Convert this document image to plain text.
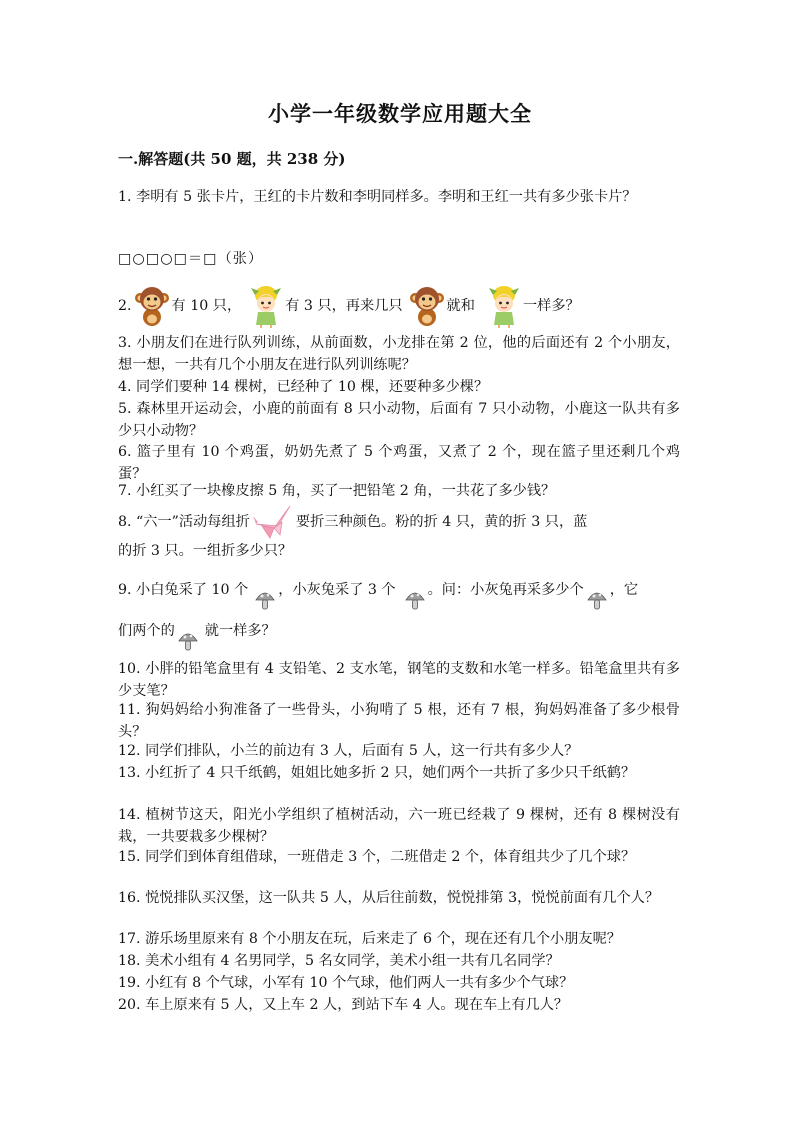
小学一年级数学应用题大全
一.解答题(共 50 题，共 238 分)
1. 李明有 5 张卡片，王红的卡片数和李明同样多。李明和王红一共有多少张卡片？
□○□○□＝□（张）
2.	有 10 只，	有 3 只，再来几只	就和	一样多？
3. 小朋友们在进行队列训练，从前面数，小龙排在第 2 位，他的后面还有 2 个小朋友，想一想，一共有几个小朋友在进行队列训练呢？
4. 同学们要种 14 棵树，已经种了 10 棵，还要种多少棵？
5. 森林里开运动会，小鹿的前面有 8 只小动物，后面有 7 只小动物，小鹿这一队共有多少只小动物？
6. 篮子里有 10 个鸡蛋，奶奶先煮了 5 个鸡蛋，又煮了 2 个，现在篮子里还剩几个鸡蛋？
7. 小红买了一块橡皮擦 5 角，买了一把铅笔 2 角，一共花了多少钱？
8. “六一”活动每组折	要折三种颜色。粉的折 4 只，黄的折 3 只，蓝
的折 3 只。一组折多少只？
9. 小白兔采了 10 个 ，小灰兔采了 3 个 。问：小灰兔再采多少个 ，它
们两个的 就一样多？
10. 小胖的铅笔盒里有 4 支铅笔、2 支水笔，钢笔的支数和水笔一样多。铅笔盒里共有多少支笔？
11. 狗妈妈给小狗准备了一些骨头，小狗啃了 5 根，还有 7 根，狗妈妈准备了多少根骨头？
12. 同学们排队，小兰的前边有 3 人，后面有 5 人，这一行共有多少人？
13. 小红折了 4 只千纸鹤，姐姐比她多折 2 只，她们两个一共折了多少只千纸鹤？
14. 植树节这天，阳光小学组织了植树活动，六一班已经栽了 9 棵树，还有 8 棵树没有栽，一共要栽多少棵树？
15. 同学们到体育组借球，一班借走 3 个，二班借走 2 个，体育组共少了几个球？
16. 悦悦排队买汉堡，这一队共 5 人，从后往前数，悦悦排第 3，悦悦前面有几个人？
17. 游乐场里原来有 8 个小朋友在玩，后来走了 6 个，现在还有几个小朋友呢？
18. 美术小组有 4 名男同学，5 名女同学，美术小组一共有几名同学？
19. 小红有 8 个气球，小军有 10 个气球，他们两人一共有多少个气球？
20. 车上原来有 5 人，又上车 2 人，到站下车 4 人。现在车上有几人？
